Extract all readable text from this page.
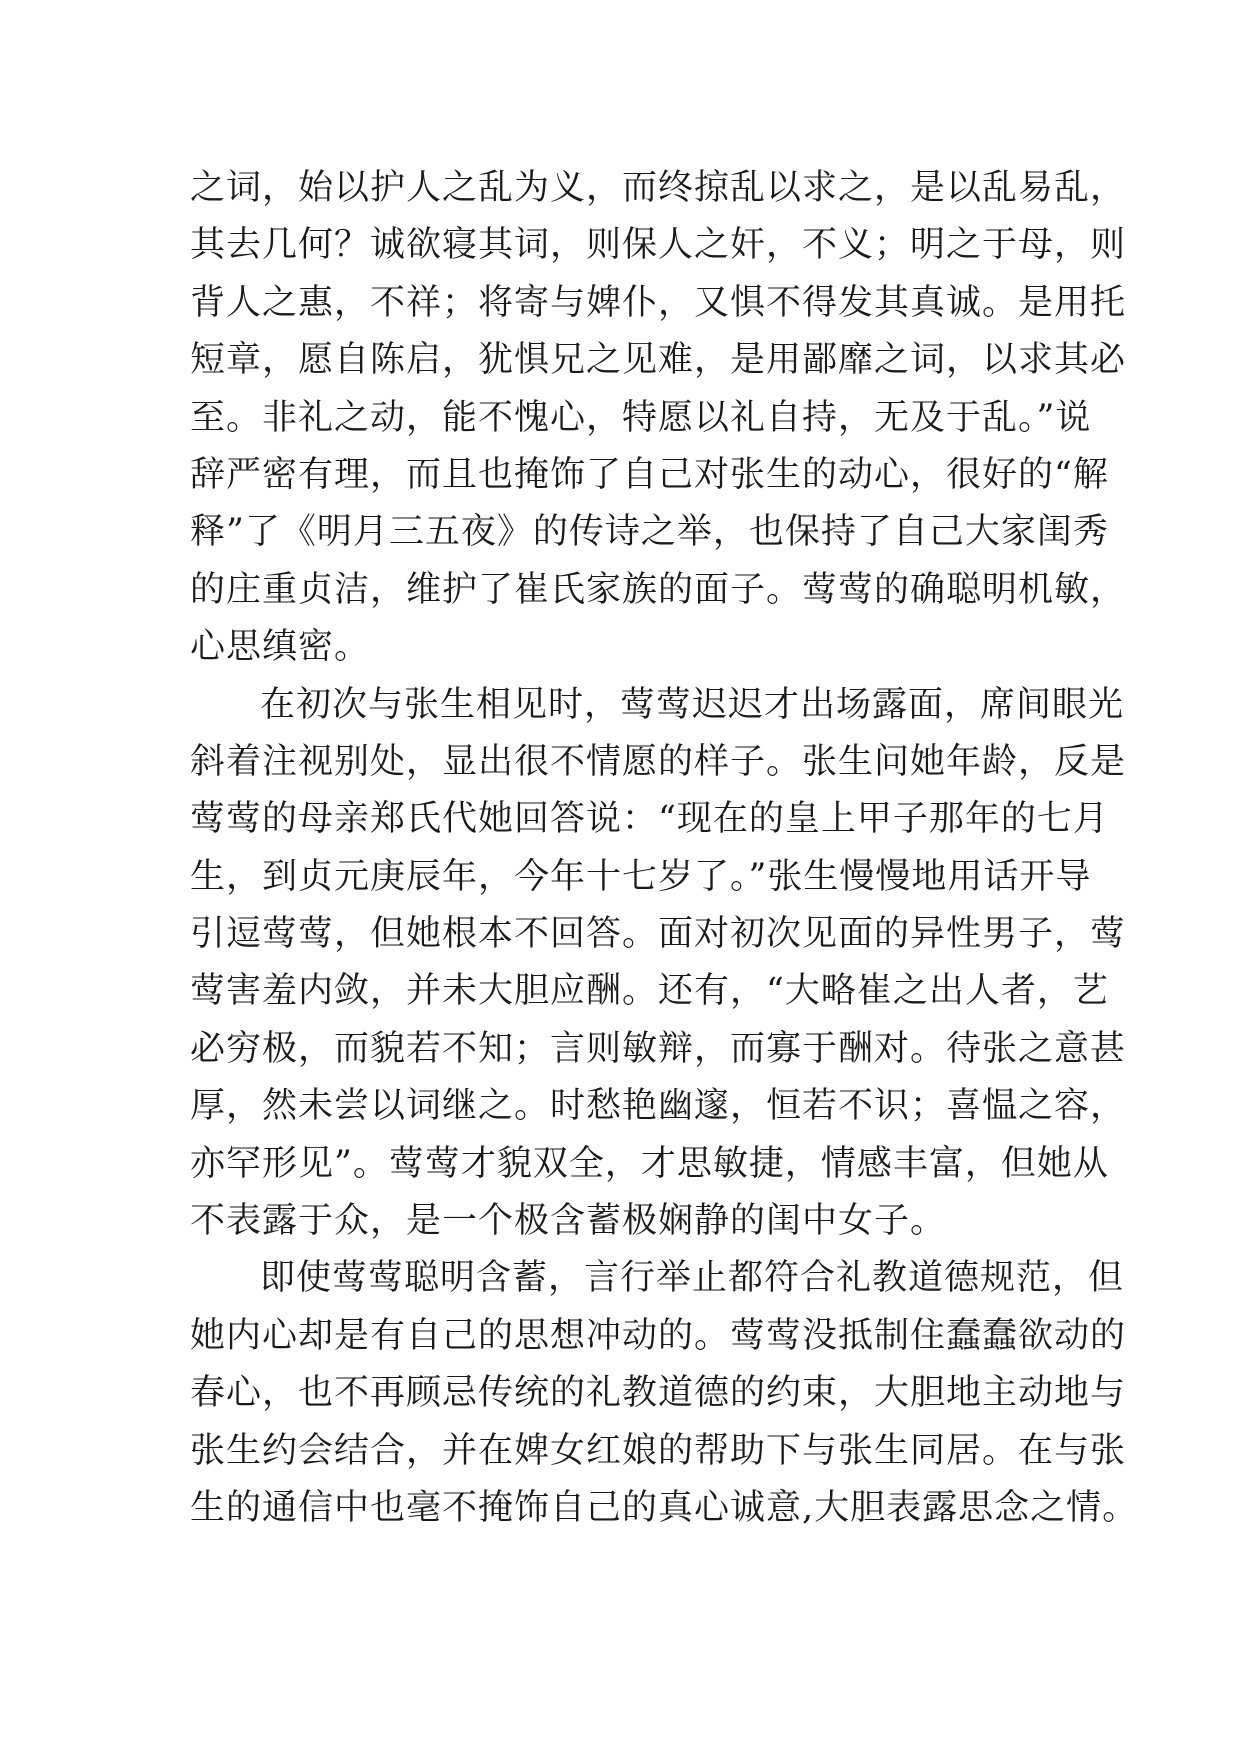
之词，始以护人之乱为义，而终掠乱以求之，是以乱易乱，
其去几何？诚欲寝其词，则保人之奸，不义；明之于母，则
背人之惠，不祥；将寄与婢仆，又惧不得发其真诚。是用托
短章，愿自陈启，犹惧兄之见难，是用鄙靡之词，以求其必
至。非礼之动，能不愧心，特愿以礼自持，无及于乱。”说
辞严密有理，而且也掩饰了自己对张生的动心，很好的“解
释”了《明月三五夜》的传诗之举，也保持了自己大家闺秀
的庄重贞洁，维护了崔氏家族的面子。莺莺的确聪明机敏，
心思缜密。
在初次与张生相见时，莺莺迟迟才出场露面，席间眼光
斜着注视别处，显出很不情愿的样子。张生问她年龄，反是
莺莺的母亲郑氏代她回答说：“现在的皇上甲子那年的七月
生，到贞元庚辰年，今年十七岁了。”张生慢慢地用话开导
引逗莺莺，但她根本不回答。面对初次见面的异性男子，莺
莺害羞内敛，并未大胆应酬。还有，“大略崔之出人者，艺
必穷极，而貌若不知；言则敏辩，而寡于酬对。待张之意甚
厚，然未尝以词继之。时愁艳幽邃，恒若不识；喜愠之容，
亦罕形见”。莺莺才貌双全，才思敏捷，情感丰富，但她从
不表露于众，是一个极含蓄极娴静的闺中女子。
即使莺莺聪明含蓄，言行举止都符合礼教道德规范，但
她内心却是有自己的思想冲动的。莺莺没抵制住蠢蠢欲动的
春心，也不再顾忌传统的礼教道德的约束，大胆地主动地与
张生约会结合，并在婢女红娘的帮助下与张生同居。在与张
生的通信中也毫不掩饰自己的真心诚意,大胆表露思念之情。
